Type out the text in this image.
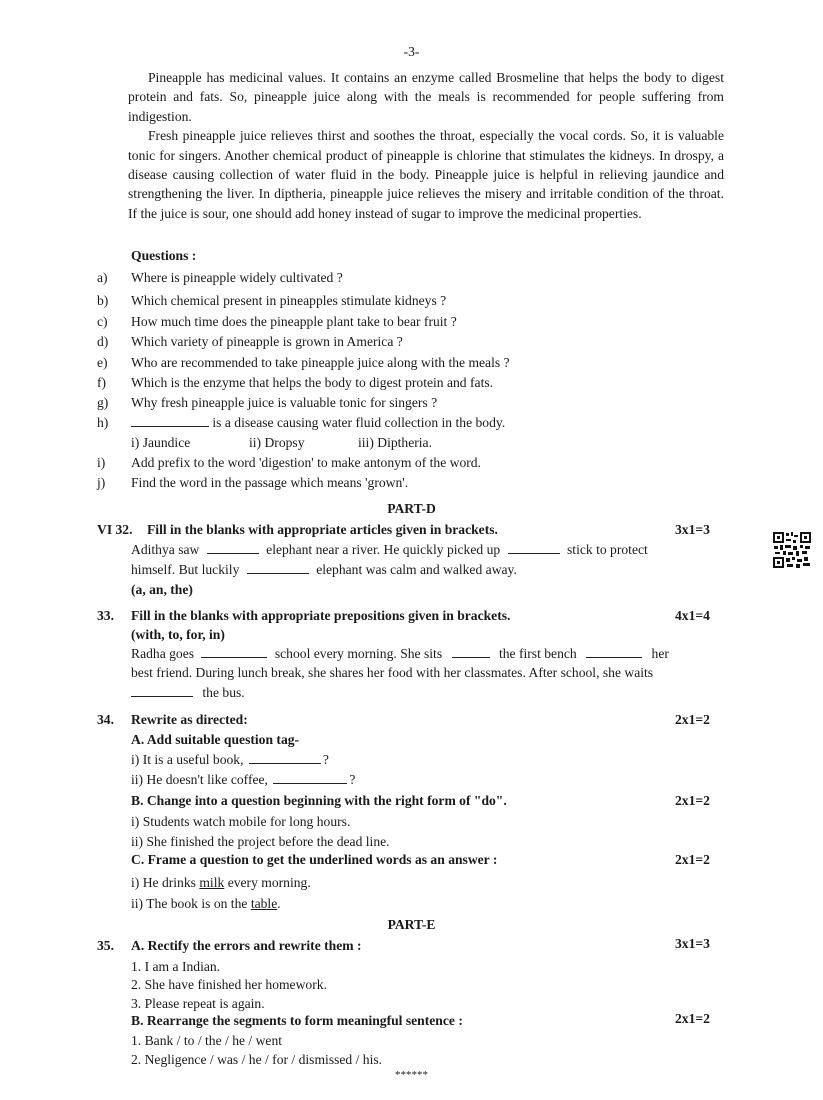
-3-

Pineapple has medicinal values. It contains an enzyme called Brosmeline that helps the body to digest protein and fats. So, pineapple juice along with the meals is recommended for people suffering from indigestion.

Fresh pineapple juice relieves thirst and soothes the throat, especially the vocal cords. So, it is valuable tonic for singers. Another chemical product of pineapple is chlorine that stimulates the kidneys. In drospy, a disease causing collection of water fluid in the body. Pineapple juice is helpful in relieving jaundice and strengthening the liver. In diptheria, pineapple juice relieves the misery and irritable condition of the throat. If the juice is sour, one should add honey instead of sugar to improve the medicinal properties.

Questions :
a) Where is pineapple widely cultivated ?
b) Which chemical present in pineapples stimulate kidneys ?
c) How much time does the pineapple plant take to bear fruit ?
d) Which variety of pineapple is grown in America ?
e) Who are recommended to take pineapple juice along with the meals ?
f) Which is the enzyme that helps the body to digest protein and fats.
g) Why fresh pineapple juice is valuable tonic for singers ?
h)	is a disease causing water fluid collection in the body.
i) Jaundice	ii) Dropsy	iii) Diptheria.
i) Add prefix to the word 'digestion' to make antonym of the word.
j) Find the word in the passage which means 'grown'.
PART-D
VI 32. Fill in the blanks with appropriate articles given in brackets.	3x1=3
Adithya saw	elephant near a river. He quickly picked up	stick to protect
himself. But luckily	elephant was calm and walked away.
(a, an, the)
33. Fill in the blanks with appropriate prepositions given in brackets.	4x1=4
(with, to, for, in)
Radha goes	school every morning. She sits	the first bench	her
best friend. During lunch break, she shares her food with her classmates. After school, she waits
the bus.
34. Rewrite as directed:	2x1=2
A. Add suitable question tag-
i) It is a useful book,	?
ii) He doesn't like coffee,	?
B. Change into a question beginning with the right form of "do".	2x1=2
i) Students watch mobile for long hours.
ii) She finished the project before the dead line.
C. Frame a question to get the underlined words as an answer :	2x1=2
i) He drinks milk every morning.
ii) The book is on the table.
PART-E
35. A. Rectify the errors and rewrite them :	3x1=3
1. I am a Indian.
2. She have finished her homework.
3. Please repeat is again.
B. Rearrange the segments to form meaningful sentence :	2x1=2
1. Bank / to / the / he / went
2. Negligence / was / he / for / dismissed / his.
******
